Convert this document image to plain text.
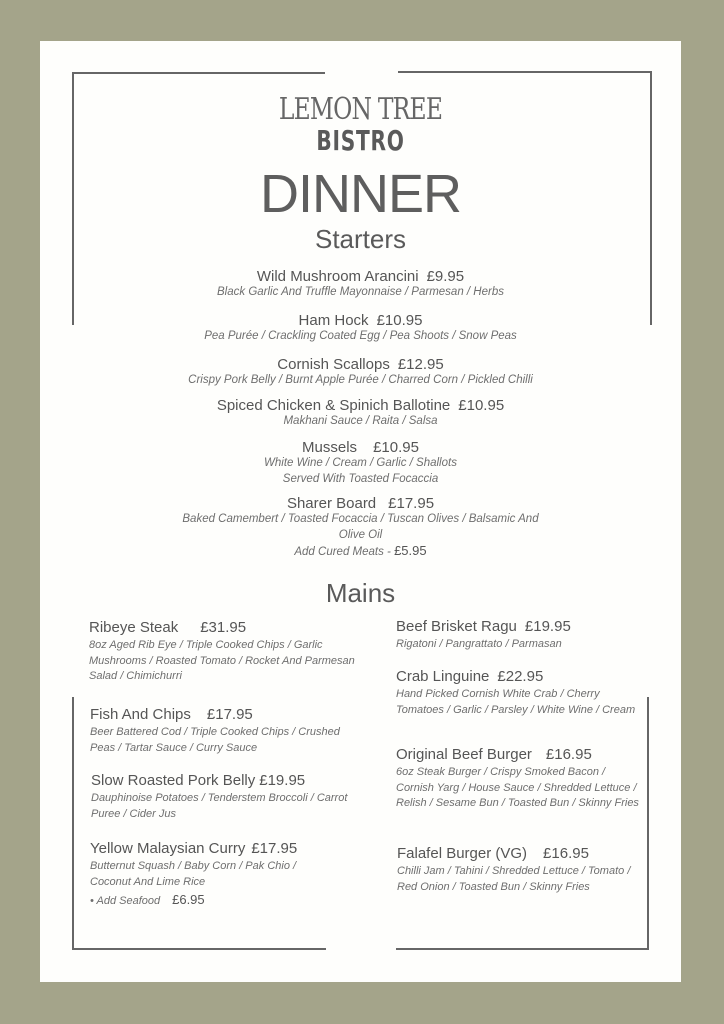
LEMON TREE
BISTRO
DINNER
Starters
Wild Mushroom Arancini £9.95
Black Garlic And Truffle Mayonnaise / Parmesan / Herbs
Ham Hock £10.95
Pea Purée / Crackling Coated Egg / Pea Shoots / Snow Peas
Cornish Scallops £12.95
Crispy Pork Belly / Burnt Apple Purée / Charred Corn / Pickled Chilli
Spiced Chicken & Spinich Ballotine £10.95
Makhani Sauce / Raita / Salsa
Mussels £10.95
White Wine / Cream / Garlic / Shallots
Served With Toasted Focaccia
Sharer Board £17.95
Baked Camembert / Toasted Focaccia / Tuscan Olives / Balsamic And
Olive Oil
Add Cured Meats - £5.95
Mains
Ribeye Steak £31.95
8oz Aged Rib Eye / Triple Cooked Chips / Garlic Mushrooms / Roasted Tomato / Rocket And Parmesan Salad / Chimichurri
Fish And Chips £17.95
Beer Battered Cod / Triple Cooked Chips / Crushed Peas / Tartar Sauce / Curry Sauce
Slow Roasted Pork Belly £19.95
Dauphinoise Potatoes / Tenderstem Broccoli / Carrot Puree / Cider Jus
Yellow Malaysian Curry £17.95
Butternut Squash / Baby Corn / Pak Chio / Coconut And Lime Rice
• Add Seafood £6.95
Beef Brisket Ragu £19.95
Rigatoni / Pangrattato / Parmasan
Crab Linguine £22.95
Hand Picked Cornish White Crab / Cherry Tomatoes / Garlic / Parsley / White Wine / Cream
Original Beef Burger £16.95
6oz Steak Burger / Crispy Smoked Bacon / Cornish Yarg / House Sauce / Shredded Lettuce / Relish / Sesame Bun / Toasted Bun / Skinny Fries
Falafel Burger (VG) £16.95
Chilli Jam / Tahini / Shredded Lettuce / Tomato / Red Onion / Toasted Bun / Skinny Fries
